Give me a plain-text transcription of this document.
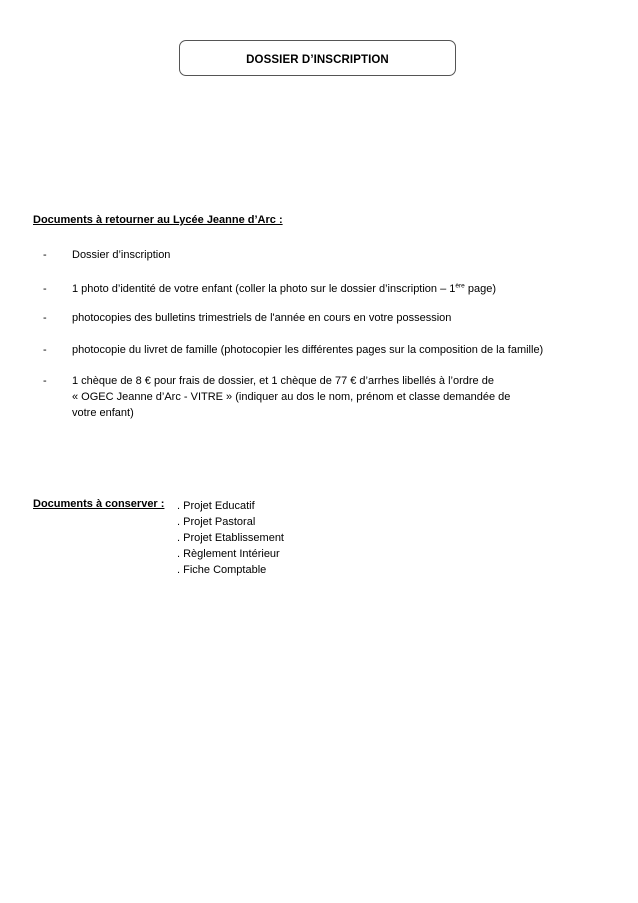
DOSSIER D’INSCRIPTION
Documents à retourner au Lycée Jeanne d’Arc :
- Dossier d’inscription
- 1 photo d’identité de votre enfant (coller la photo sur le dossier d’inscription – 1ère page)
- photocopies des bulletins trimestriels de l'année en cours en votre possession
- photocopie du livret de famille (photocopier les différentes pages sur la composition de la famille)
- 1 chèque de 8 € pour frais de dossier, et 1 chèque de 77 € d’arrhes libellés à l’ordre de
« OGEC Jeanne d’Arc - VITRE » (indiquer au dos le nom, prénom et classe demandée de
votre enfant)
Documents à conserver : . Projet Educatif
. Projet Pastoral
. Projet Etablissement
. Règlement Intérieur
. Fiche Comptable
